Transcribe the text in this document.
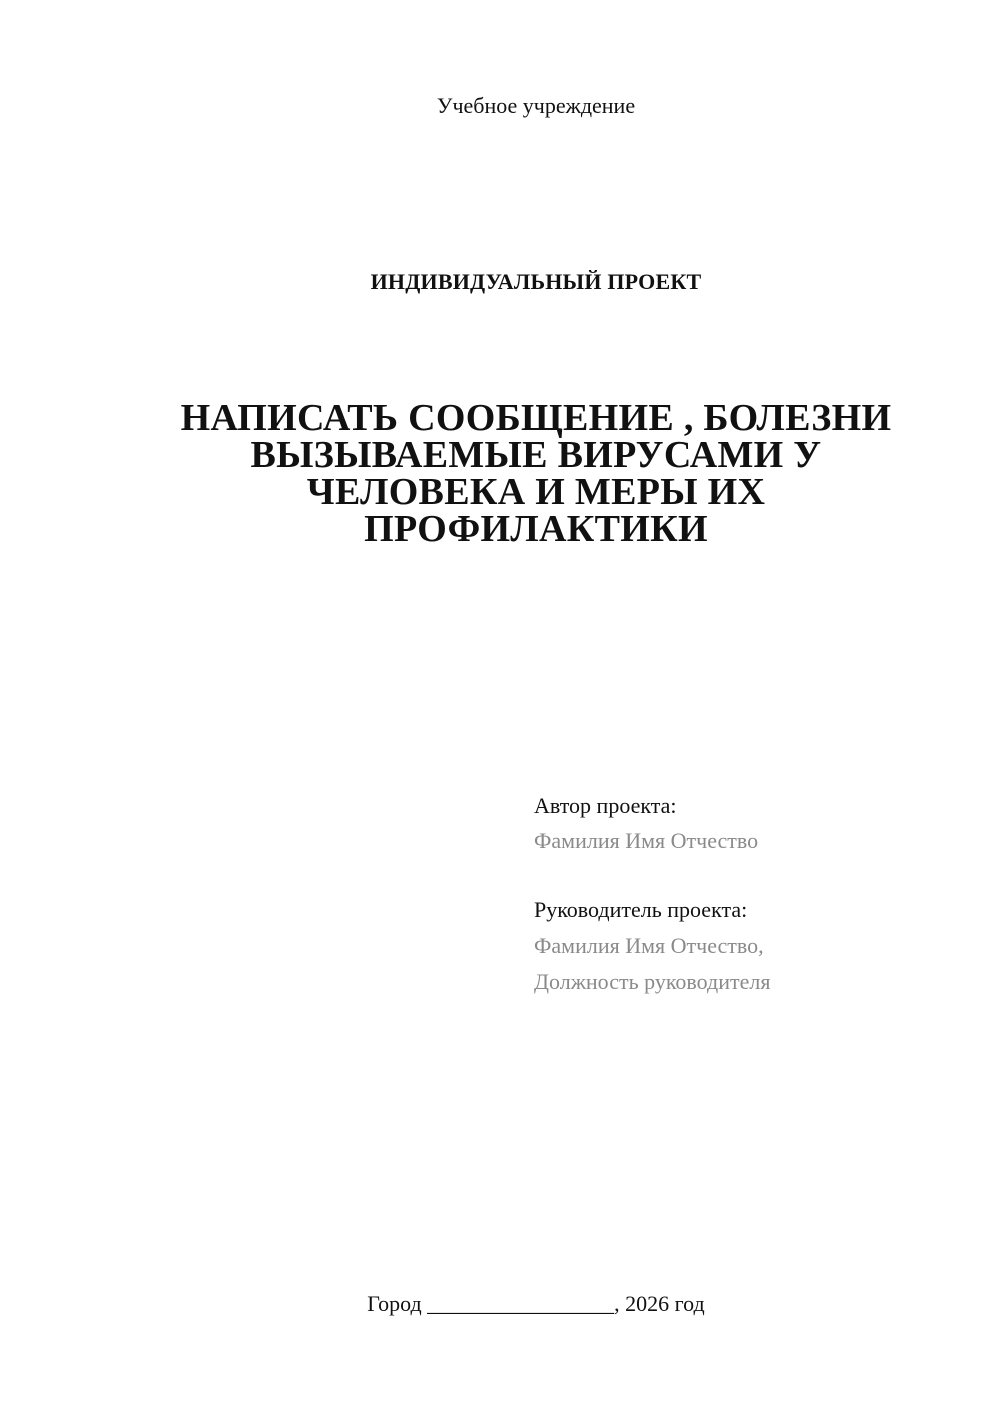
Учебное учреждение
ИНДИВИДУАЛЬНЫЙ ПРОЕКТ
НАПИСАТЬ СООБЩЕНИЕ , БОЛЕЗНИ
ВЫЗЫВАЕМЫЕ ВИРУСАМИ У
ЧЕЛОВЕКА И МЕРЫ ИХ
ПРОФИЛАКТИКИ
Автор проекта:
Фамилия Имя Отчество
Руководитель проекта:
Фамилия Имя Отчество,
Должность руководителя
Город _________________, 2026 год
